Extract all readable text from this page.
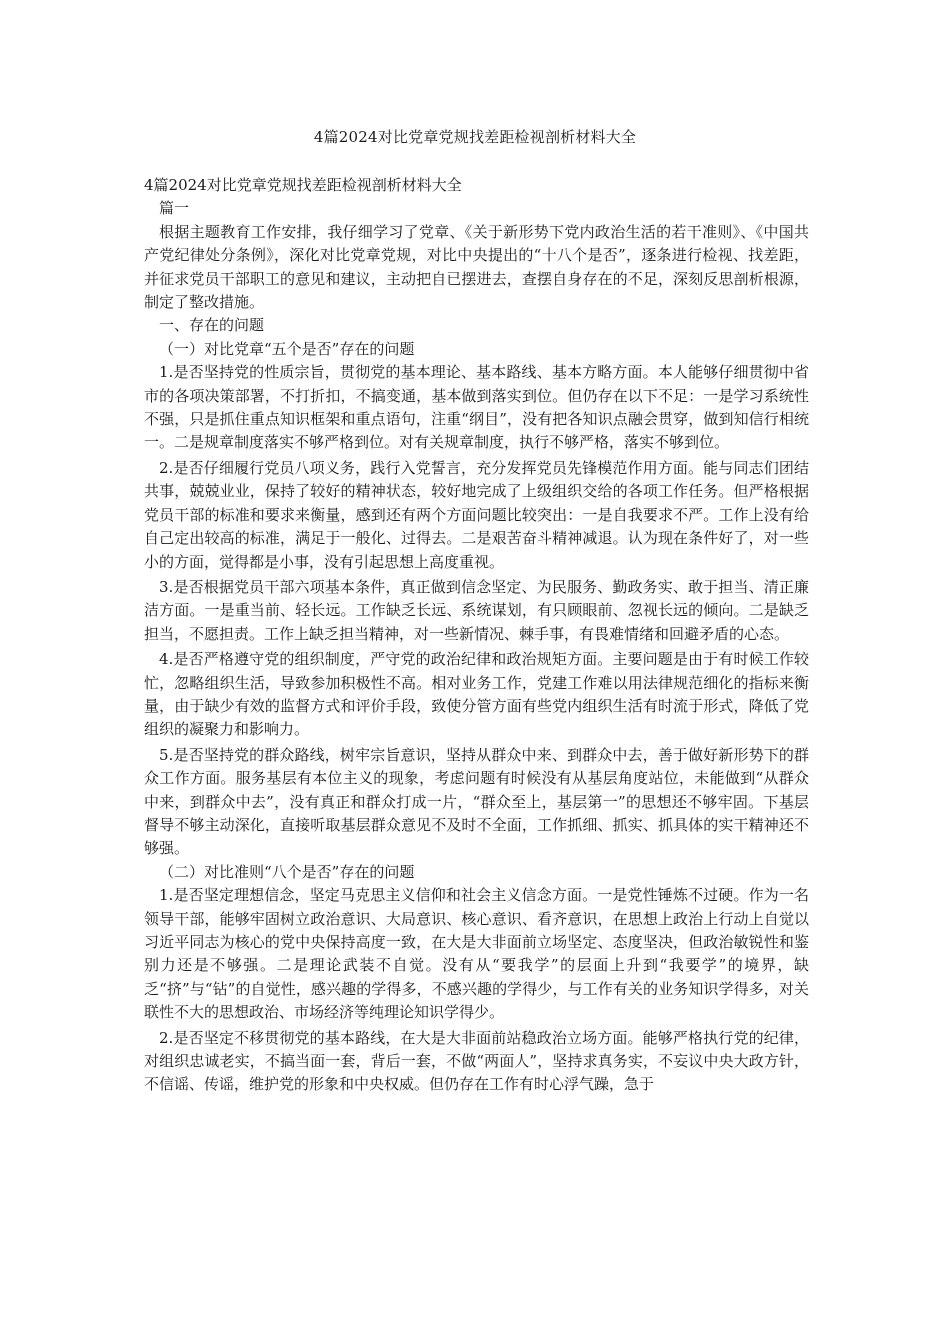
4篇2024对比党章党规找差距检视剖析材料大全

4篇2024对比党章党规找差距检视剖析材料大全

篇一

根据主题教育工作安排，我仔细学习了党章、《关于新形势下党内政治生活的若干准则》、《中国共产党纪律处分条例》，深化对比党章党规，对比中央提出的“十八个是否”，逐条进行检视、找差距，并征求党员干部职工的意见和建议，主动把自已摆进去，查摆自身存在的不足，深刻反思剖析根源，制定了整改措施。

一、存在的问题

（一）对比党章“五个是否”存在的问题

1.是否坚持党的性质宗旨，贯彻党的基本理论、基本路线、基本方略方面。本人能够仔细贯彻中省市的各项决策部署，不打折扣，不搞变通，基本做到落实到位。但仍存在以下不足：一是学习系统性不强，只是抓住重点知识框架和重点语句，注重“纲目”，没有把各知识点融会贯穿，做到知信行相统一。二是规章制度落实不够严格到位。对有关规章制度，执行不够严格，落实不够到位。

2.是否仔细履行党员八项义务，践行入党誓言，充分发挥党员先锋模范作用方面。能与同志们团结共事，兢兢业业，保持了较好的精神状态，较好地完成了上级组织交给的各项工作任务。但严格根据党员干部的标准和要求来衡量，感到还有两个方面问题比较突出：一是自我要求不严。工作上没有给自己定出较高的标准，满足于一般化、过得去。二是艰苦奋斗精神减退。认为现在条件好了，对一些小的方面，觉得都是小事，没有引起思想上高度重视。

3.是否根据党员干部六项基本条件，真正做到信念坚定、为民服务、勤政务实、敢于担当、清正廉洁方面。一是重当前、轻长远。工作缺乏长远、系统谋划，有只顾眼前、忽视长远的倾向。二是缺乏担当，不愿担责。工作上缺乏担当精神，对一些新情况、棘手事，有畏难情绪和回避矛盾的心态。

4.是否严格遵守党的组织制度，严守党的政治纪律和政治规矩方面。主要问题是由于有时候工作较忙，忽略组织生活，导致参加积极性不高。相对业务工作，党建工作难以用法律规范细化的指标来衡量，由于缺少有效的监督方式和评价手段，致使分管方面有些党内组织生活有时流于形式，降低了党组织的凝聚力和影响力。

5.是否坚持党的群众路线，树牢宗旨意识，坚持从群众中来、到群众中去，善于做好新形势下的群众工作方面。服务基层有本位主义的现象，考虑问题有时候没有从基层角度站位，未能做到“从群众中来，到群众中去”，没有真正和群众打成一片，“群众至上，基层第一”的思想还不够牢固。下基层督导不够主动深化，直接听取基层群众意见不及时不全面，工作抓细、抓实、抓具体的实干精神还不够强。

（二）对比准则“八个是否”存在的问题

1.是否坚定理想信念，坚定马克思主义信仰和社会主义信念方面。一是党性锤炼不过硬。作为一名领导干部，能够牢固树立政治意识、大局意识、核心意识、看齐意识，在思想上政治上行动上自觉以习近平同志为核心的党中央保持高度一致，在大是大非面前立场坚定、态度坚决，但政治敏锐性和鉴别力还是不够强。二是理论武装不自觉。没有从“要我学”的层面上升到“我要学”的境界，缺乏“挤”与“钻”的自觉性，感兴趣的学得多，不感兴趣的学得少，与工作有关的业务知识学得多，对关联性不大的思想政治、市场经济等纯理论知识学得少。

2.是否坚定不移贯彻党的基本路线，在大是大非面前站稳政治立场方面。能够严格执行党的纪律，对组织忠诚老实，不搞当面一套，背后一套，不做“两面人”，坚持求真务实，不妄议中央大政方针，不信谣、传谣，维护党的形象和中央权威。但仍存在工作有时心浮气躁，急于
